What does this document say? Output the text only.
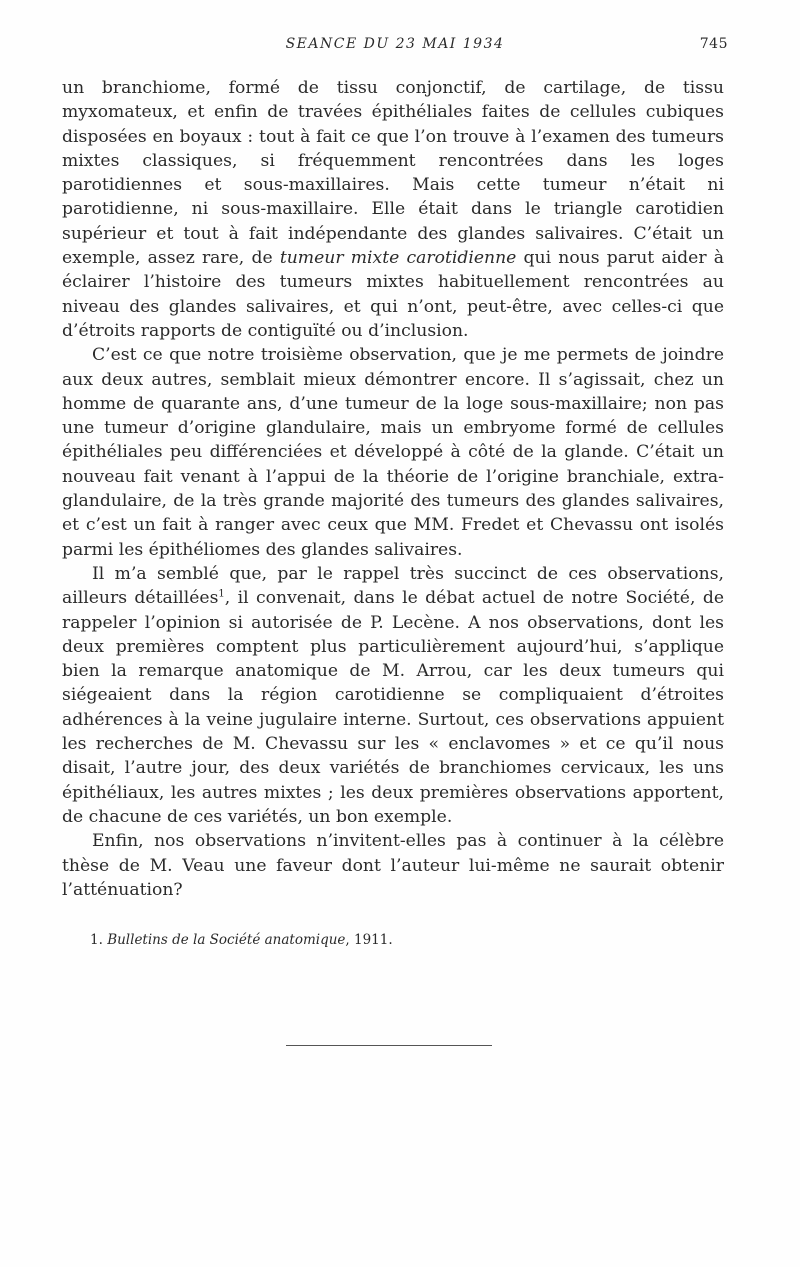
SEANCE DU 23 MAI 1934	745

un branchiome, formé de tissu conjonctif, de cartilage, de tissu myxomateux, et enfin de travées épithéliales faites de cellules cubiques disposées en boyaux : tout à fait ce que l’on trouve à l’examen des tumeurs mixtes classiques, si fréquemment rencontrées dans les loges parotidiennes et sous-maxillaires. Mais cette tumeur n’était ni parotidienne, ni sous-maxillaire. Elle était dans le triangle carotidien supérieur et tout à fait indépendante des glandes salivaires. C’était un exemple, assez rare, de tumeur mixte carotidienne qui nous parut aider à éclairer l’histoire des tumeurs mixtes habituellement rencontrées au niveau des glandes salivaires, et qui n’ont, peut-être, avec celles-ci que d’étroits rapports de contiguïté ou d’inclusion.

C’est ce que notre troisième observation, que je me permets de joindre aux deux autres, semblait mieux démontrer encore. Il s’agissait, chez un homme de quarante ans, d’une tumeur de la loge sous-maxillaire; non pas une tumeur d’origine glandulaire, mais un embryome formé de cellules épithéliales peu différenciées et développé à côté de la glande. C’était un nouveau fait venant à l’appui de la théorie de l’origine branchiale, extra-glandulaire, de la très grande majorité des tumeurs des glandes salivaires, et c’est un fait à ranger avec ceux que MM. Fredet et Chevassu ont isolés parmi les épithéliomes des glandes salivaires.

Il m’a semblé que, par le rappel très succinct de ces observations, ailleurs détaillées$^1$, il convenait, dans le débat actuel de notre Société, de rappeler l’opinion si autorisée de P. Lecène. A nos observations, dont les deux premières comptent plus particulièrement aujourd’hui, s’applique bien la remarque anatomique de M. Arrou, car les deux tumeurs qui siégeaient dans la région carotidienne se compliquaient d’étroites adhérences à la veine jugulaire interne. Surtout, ces observations appuient les recherches de M. Chevassu sur les « enclavomes » et ce qu’il nous disait, l’autre jour, des deux variétés de branchiomes cervicaux, les uns épithéliaux, les autres mixtes ; les deux premières observations apportent, de chacune de ces variétés, un bon exemple.

Enfin, nos observations n’invitent-elles pas à continuer à la célèbre thèse de M. Veau une faveur dont l’auteur lui-même ne saurait obtenir l’atténuation?

1. Bulletins de la Société anatomique, 1911.
